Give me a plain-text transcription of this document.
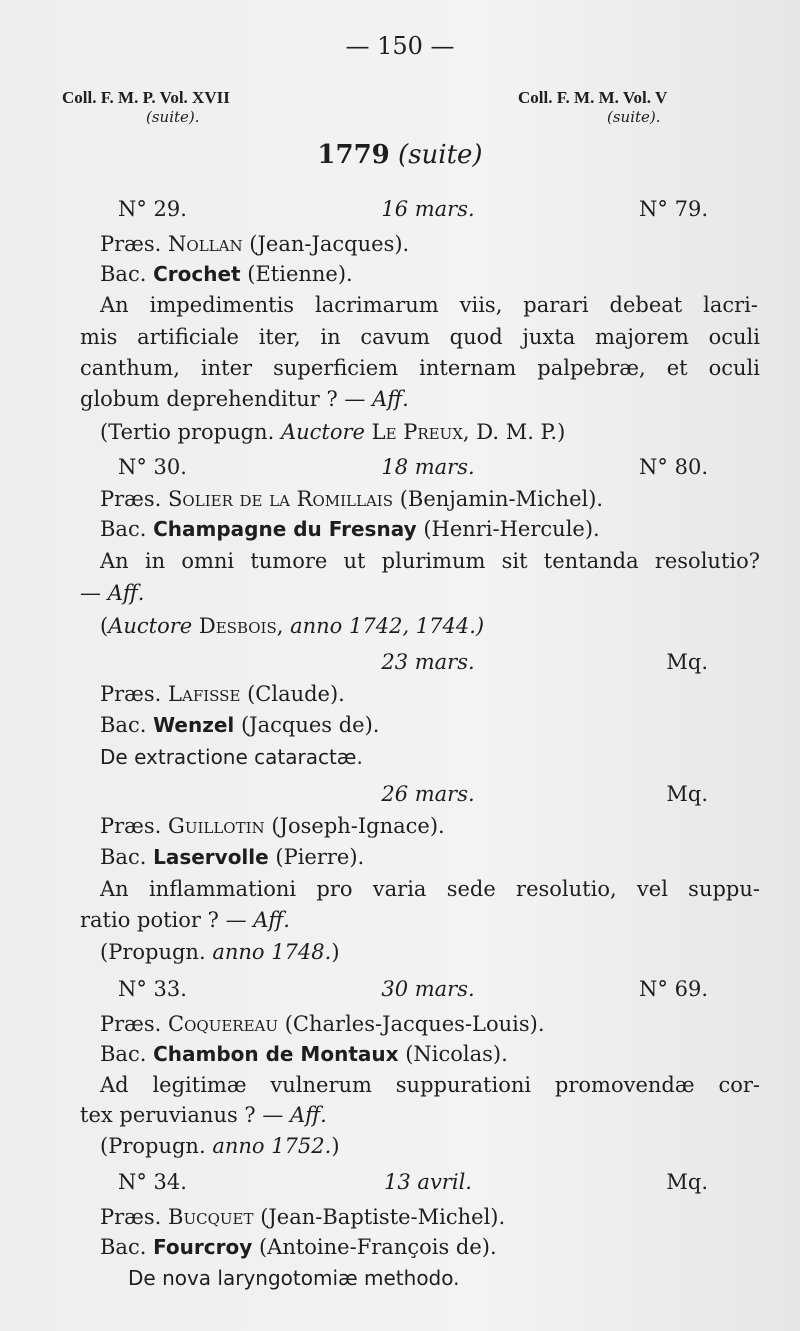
— 150 —
Coll. F. M. P. Vol. XVII
(suite).
Coll. F. M. M. Vol. V
(suite).
1779 (suite)
N° 29.	16 mars.	N° 79.
Præs. Nollan (Jean-Jacques).
Bac. Crochet (Etienne).
An impedimentis lacrimarum viis, parari debeat lacri-
mis artificiale iter, in cavum quod juxta majorem oculi
canthum, inter superficiem internam palpebræ, et oculi
globum deprehenditur ? — Aff.
(Tertio propugn. Auctore Le Preux, D. M. P.)
N° 30.	18 mars.	N° 80.
Præs. Solier de la Romillais (Benjamin-Michel).
Bac. Champagne du Fresnay (Henri-Hercule).
An in omni tumore ut plurimum sit tentanda resolutio?
— Aff.
(Auctore Desbois, anno 1742, 1744.)
23 mars.	Mq.
Præs. Lafisse (Claude).
Bac. Wenzel (Jacques de).
De extractione cataractæ.
26 mars.	Mq.
Præs. Guillotin (Joseph-Ignace).
Bac. Laservolle (Pierre).
An inflammationi pro varia sede resolutio, vel suppu-
ratio potior ? — Aff.
(Propugn. anno 1748.)
N° 33.	30 mars.	N° 69.
Præs. Coquereau (Charles-Jacques-Louis).
Bac. Chambon de Montaux (Nicolas).
Ad legitimæ vulnerum suppurationi promovendæ cor-
tex peruvianus ? — Aff.
(Propugn. anno 1752.)
N° 34.	13 avril.	Mq.
Præs. Bucquet (Jean-Baptiste-Michel).
Bac. Fourcroy (Antoine-François de).
De nova laryngotomiæ methodo.
